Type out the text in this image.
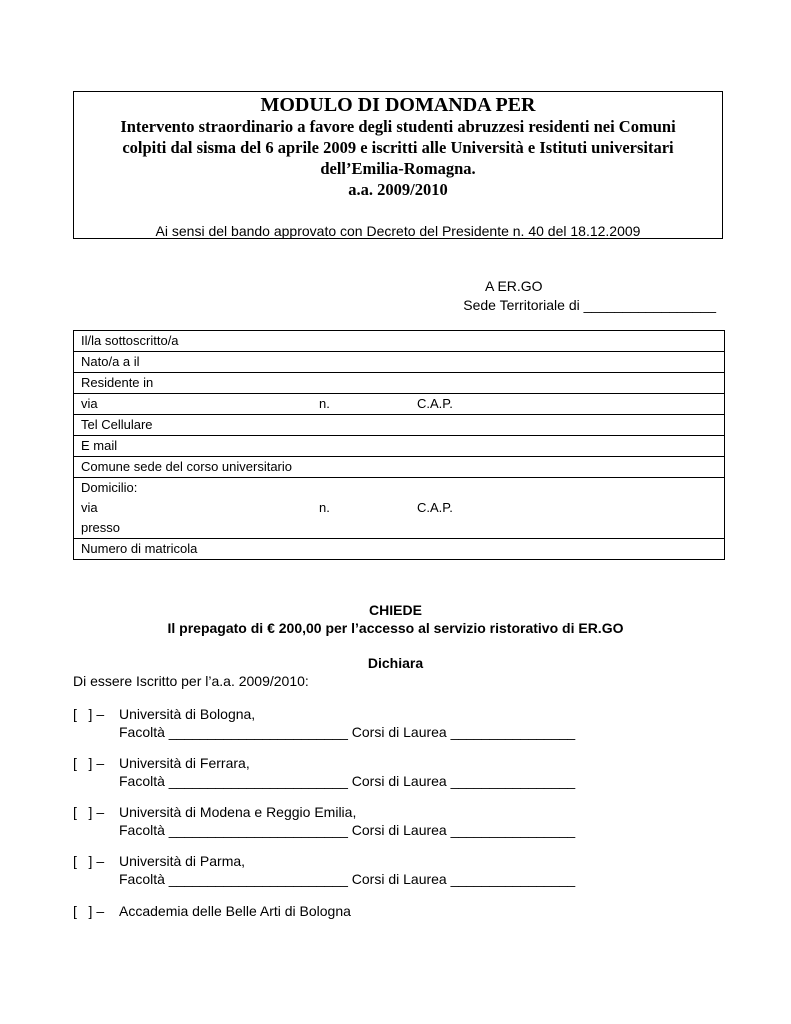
MODULO DI DOMANDA PER
Intervento straordinario a favore degli studenti abruzzesi residenti nei Comuni
colpiti dal sisma del 6 aprile 2009 e iscritti alle Università e Istituti universitari
dell’Emilia-Romagna.
a.a. 2009/2010
Ai sensi del bando approvato con Decreto del Presidente n. 40 del 18.12.2009
A ER.GO
Sede Territoriale di _________________
Il/la sottoscritto/a
Nato/a a il
Residente in

via	n.	C.A.P.

Tel Cellulare
E mail
Comune sede del corso universitario

Domicilio:
via	n.	C.A.P.
presso

Numero di matricola
CHIEDE
Il prepagato di € 200,00 per l’accesso al servizio ristorativo di ER.GO
Dichiara
Di essere Iscritto per l’a.a. 2009/2010:
[   ] –	Università di Bologna,
Facoltà _______________________ Corsi di Laurea ________________
[   ] –	Università di Ferrara,
Facoltà _______________________ Corsi di Laurea ________________
[   ] –	Università di Modena e Reggio Emilia,
Facoltà _______________________ Corsi di Laurea ________________
[   ] –	Università di Parma,
Facoltà _______________________ Corsi di Laurea ________________
[   ] –	Accademia delle Belle Arti di Bologna
